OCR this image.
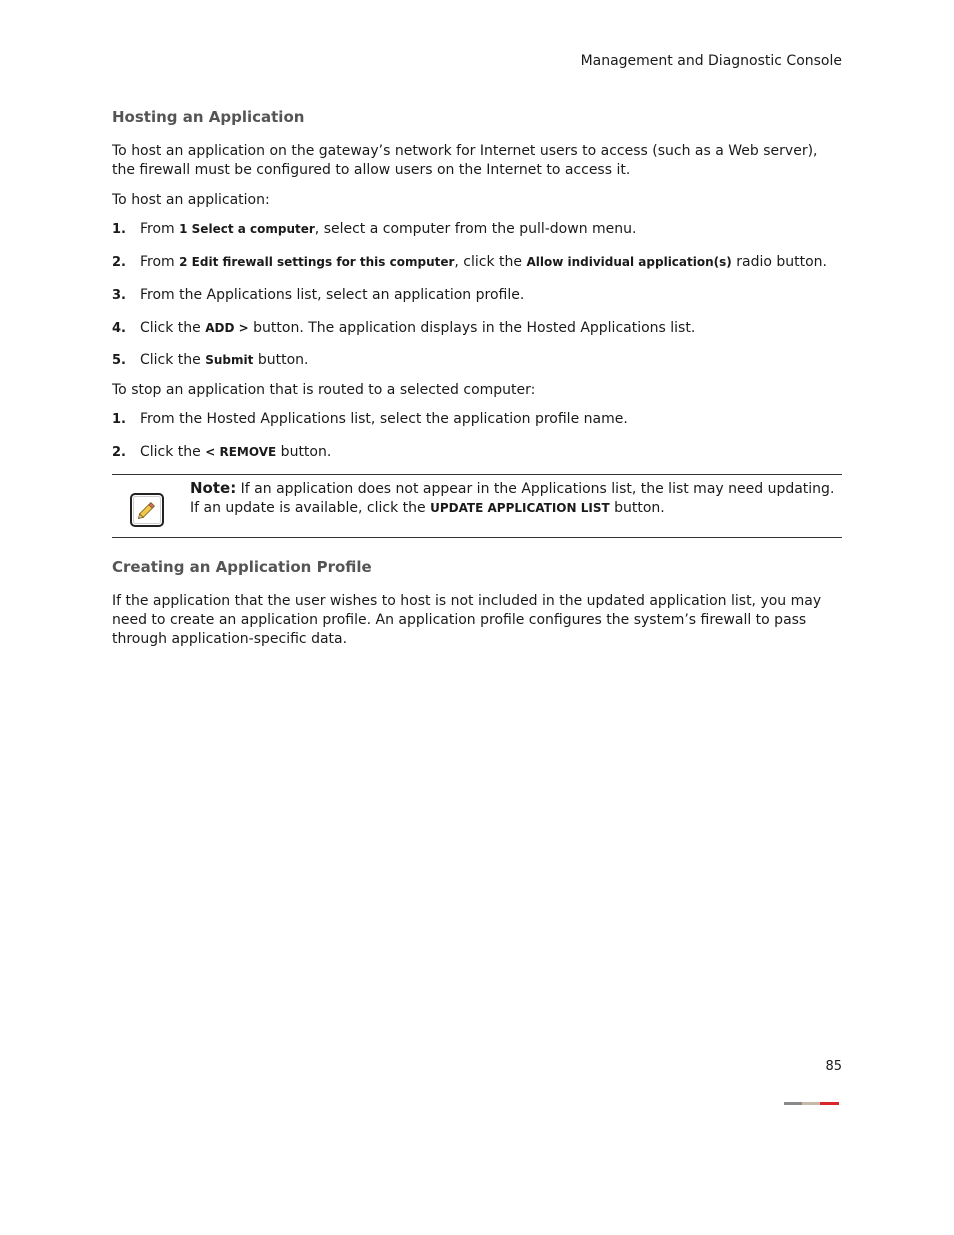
Management and Diagnostic Console
Hosting an Application

To host an application on the gateway’s network for Internet users to access (such as a Web server), the firewall must be configured to allow users on the Internet to access it.

To host an application:

1. From 1 Select a computer, select a computer from the pull-down menu.
2. From 2 Edit firewall settings for this computer, click the Allow individual application(s) radio button.
3. From the Applications list, select an application profile.
4. Click the ADD > button. The application displays in the Hosted Applications list.
5. Click the Submit button.

To stop an application that is routed to a selected computer:

1. From the Hosted Applications list, select the application profile name.
2. Click the < REMOVE button.
Note: If an application does not appear in the Applications list, the list may need updating. If an update is available, click the UPDATE APPLICATION LIST button.
Creating an Application Profile

If the application that the user wishes to host is not included in the updated application list, you may need to create an application profile. An application profile configures the system’s firewall to pass through application-specific data.

85
